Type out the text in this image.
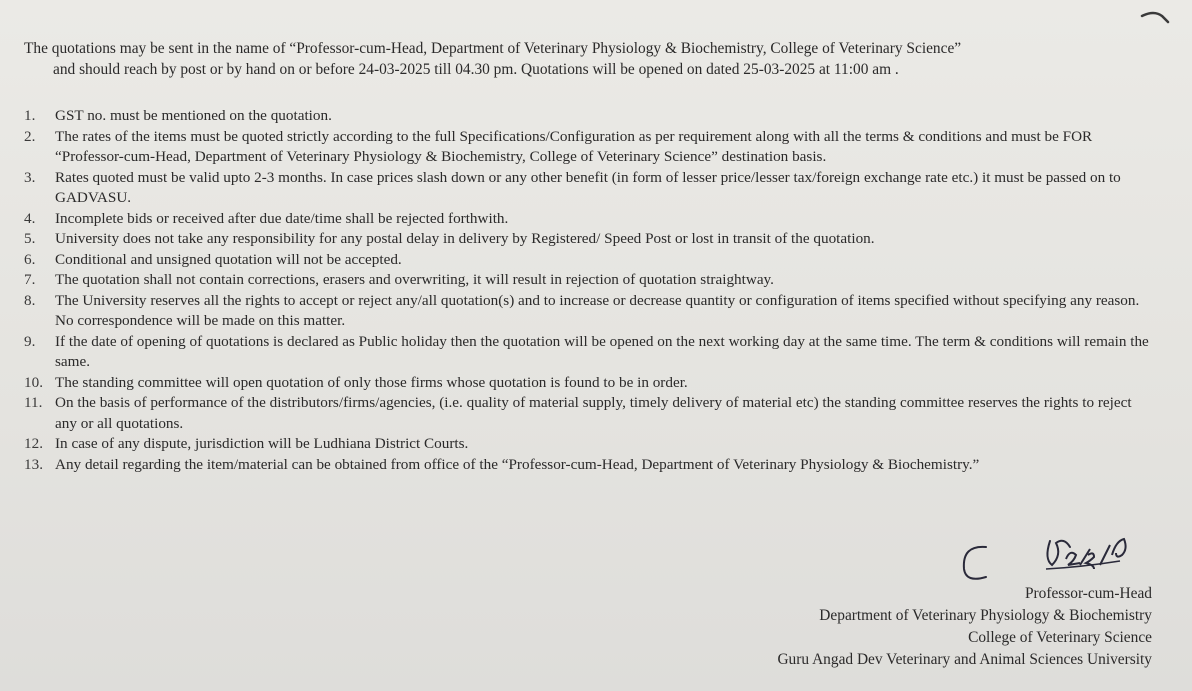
The quotations may be sent in the name of “Professor-cum-Head, Department of Veterinary Physiology & Biochemistry, College of Veterinary Science”
and should reach by post or by hand on or before 24-03-2025 till 04.30 pm. Quotations will be opened on dated 25-03-2025 at 11:00 am .

1.	GST no. must be mentioned on the quotation.
2.	The rates of the items must be quoted strictly according to the full Specifications/Configuration as per requirement along with all the terms & conditions and must be FOR “Professor-cum-Head, Department of Veterinary Physiology & Biochemistry, College of Veterinary Science” destination basis.
3.	Rates quoted must be valid upto 2-3 months. In case prices slash down or any other benefit (in form of lesser price/lesser tax/foreign exchange rate etc.) it must be passed on to GADVASU.
4.	Incomplete bids or received after due date/time shall be rejected forthwith.
5.	University does not take any responsibility for any postal delay in delivery by Registered/ Speed Post or lost in transit of the quotation.
6.	Conditional and unsigned quotation will not be accepted.
7.	The quotation shall not contain corrections, erasers and overwriting, it will result in rejection of quotation straightway.
8.	The University reserves all the rights to accept or reject any/all quotation(s) and to increase or decrease quantity or configuration of items specified without specifying any reason. No correspondence will be made on this matter.
9.	If the date of opening of quotations is declared as Public holiday then the quotation will be opened on the next working day at the same time. The term & conditions will remain the same.
10. The standing committee will open quotation of only those firms whose quotation is found to be in order.
11. On the basis of performance of the distributors/firms/agencies, (i.e. quality of material supply, timely delivery of material etc) the standing committee reserves the rights to reject any or all quotations.
12. In case of any dispute, jurisdiction will be Ludhiana District Courts.
13. Any detail regarding the item/material can be obtained from office of the “Professor-cum-Head, Department of Veterinary Physiology & Biochemistry.”
Professor-cum-Head
Department of Veterinary Physiology & Biochemistry
College of Veterinary Science
Guru Angad Dev Veterinary and Animal Sciences University
